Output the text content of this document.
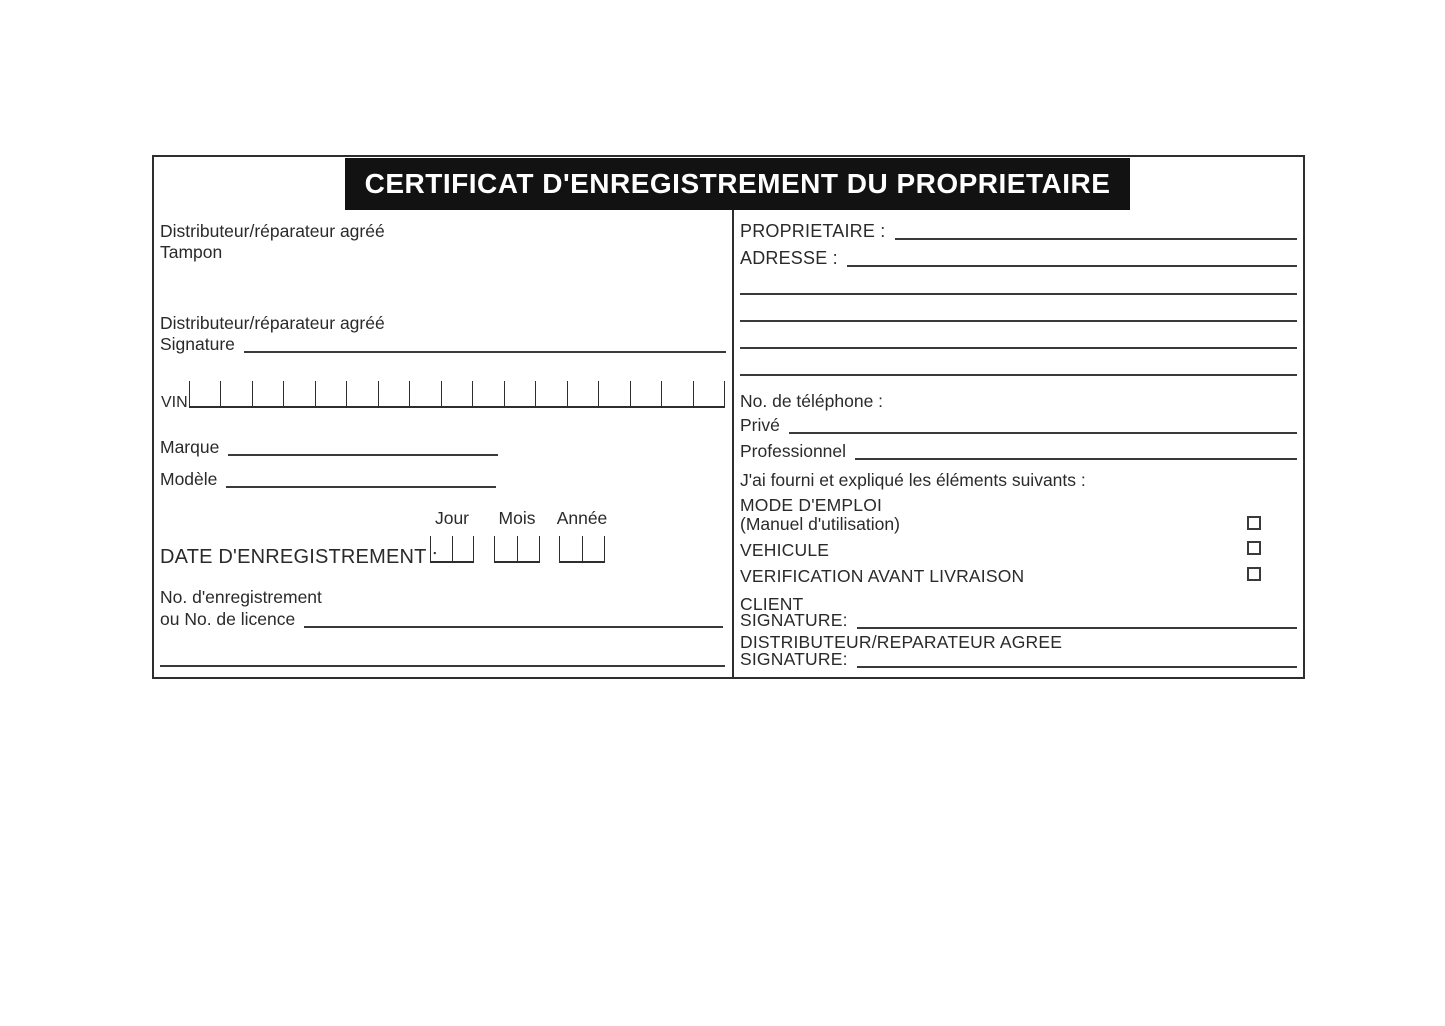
CERTIFICAT D'ENREGISTREMENT DU PROPRIETAIRE
Distributeur/réparateur agréé
Tampon
Distributeur/réparateur agréé
Signature
VIN
Marque
Modèle
Jour	Mois	Année
DATE D'ENREGISTREMENT :
No. d'enregistrement
ou No. de licence
PROPRIETAIRE :
ADRESSE :
No. de téléphone :
Privé
Professionnel
J'ai fourni et expliqué les éléments suivants :
MODE D'EMPLOI
(Manuel d'utilisation)
VEHICULE
VERIFICATION AVANT LIVRAISON
CLIENT
SIGNATURE:
DISTRIBUTEUR/REPARATEUR AGREE
SIGNATURE:
